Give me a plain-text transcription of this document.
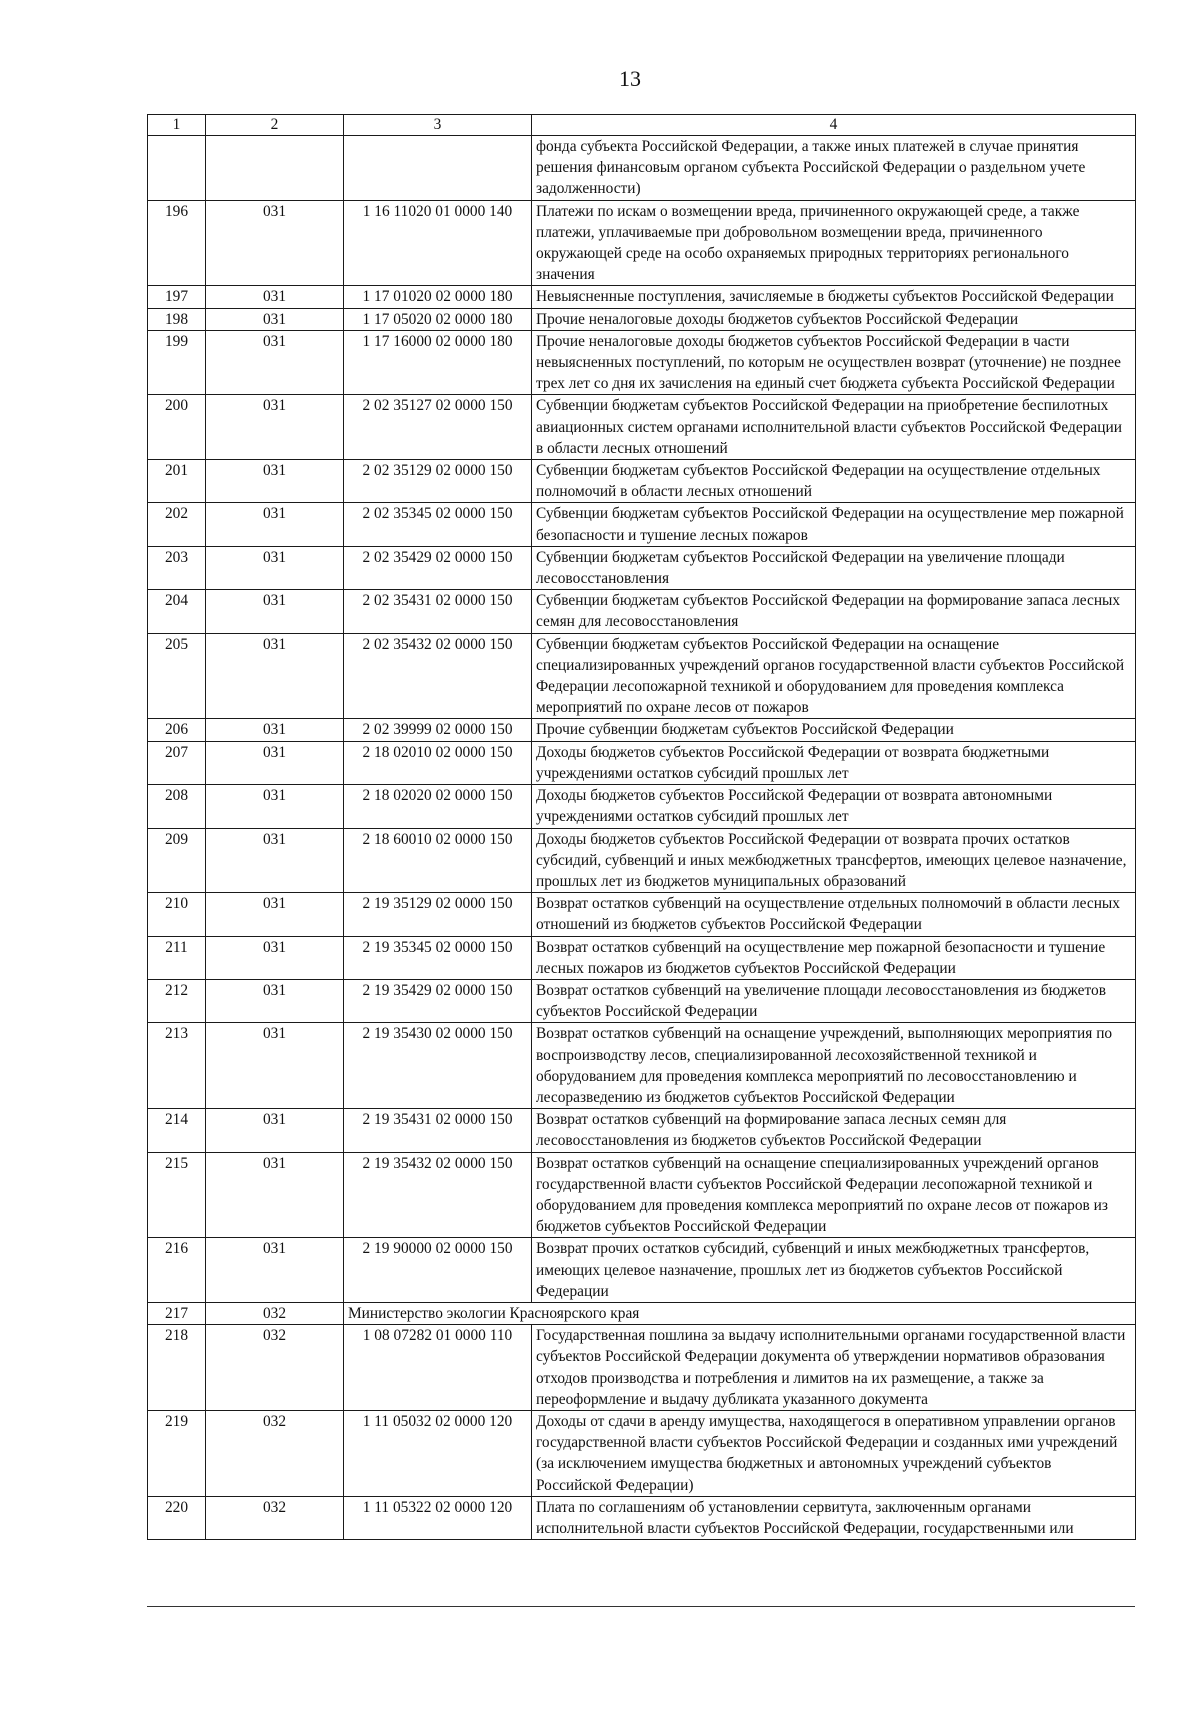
13
1	2	3	4
			фонда субъекта Российской Федерации, а также иных платежей в случае принятия решения финансовым органом субъекта Российской Федерации о раздельном учете задолженности)
196	031	1 16 11020 01 0000 140	Платежи по искам о возмещении вреда, причиненного окружающей среде, а также платежи, уплачиваемые при добровольном возмещении вреда, причиненного окружающей среде на особо охраняемых природных территориях регионального значения
197	031	1 17 01020 02 0000 180	Невыясненные поступления, зачисляемые в бюджеты субъектов Российской Федерации
198	031	1 17 05020 02 0000 180	Прочие неналоговые доходы бюджетов субъектов Российской Федерации
199	031	1 17 16000 02 0000 180	Прочие неналоговые доходы бюджетов субъектов Российской Федерации в части невыясненных поступлений, по которым не осуществлен возврат (уточнение) не позднее трех лет со дня их зачисления на единый счет бюджета субъекта Российской Федерации
200	031	2 02 35127 02 0000 150	Субвенции бюджетам субъектов Российской Федерации на приобретение беспилотных авиационных систем органами исполнительной власти субъектов Российской Федерации в области лесных отношений
201	031	2 02 35129 02 0000 150	Субвенции бюджетам субъектов Российской Федерации на осуществление отдельных полномочий в области лесных отношений
202	031	2 02 35345 02 0000 150	Субвенции бюджетам субъектов Российской Федерации на осуществление мер пожарной безопасности и тушение лесных пожаров
203	031	2 02 35429 02 0000 150	Субвенции бюджетам субъектов Российской Федерации на увеличение площади лесовосстановления
204	031	2 02 35431 02 0000 150	Субвенции бюджетам субъектов Российской Федерации на формирование запаса лесных семян для лесовосстановления
205	031	2 02 35432 02 0000 150	Субвенции бюджетам субъектов Российской Федерации на оснащение специализированных учреждений органов государственной власти субъектов Российской Федерации лесопожарной техникой и оборудованием для проведения комплекса мероприятий по охране лесов от пожаров
206	031	2 02 39999 02 0000 150	Прочие субвенции бюджетам субъектов Российской Федерации
207	031	2 18 02010 02 0000 150	Доходы бюджетов субъектов Российской Федерации от возврата бюджетными учреждениями остатков субсидий прошлых лет
208	031	2 18 02020 02 0000 150	Доходы бюджетов субъектов Российской Федерации от возврата автономными учреждениями остатков субсидий прошлых лет
209	031	2 18 60010 02 0000 150	Доходы бюджетов субъектов Российской Федерации от возврата прочих остатков субсидий, субвенций и иных межбюджетных трансфертов, имеющих целевое назначение, прошлых лет из бюджетов муниципальных образований
210	031	2 19 35129 02 0000 150	Возврат остатков субвенций на осуществление отдельных полномочий в области лесных отношений из бюджетов субъектов Российской Федерации
211	031	2 19 35345 02 0000 150	Возврат остатков субвенций на осуществление мер пожарной безопасности и тушение лесных пожаров из бюджетов субъектов Российской Федерации
212	031	2 19 35429 02 0000 150	Возврат остатков субвенций на увеличение площади лесовосстановления из бюджетов субъектов Российской Федерации
213	031	2 19 35430 02 0000 150	Возврат остатков субвенций на оснащение учреждений, выполняющих мероприятия по воспроизводству лесов, специализированной лесохозяйственной техникой и оборудованием для проведения комплекса мероприятий по лесовосстановлению и лесоразведению из бюджетов субъектов Российской Федерации
214	031	2 19 35431 02 0000 150	Возврат остатков субвенций на формирование запаса лесных семян для лесовосстановления из бюджетов субъектов Российской Федерации
215	031	2 19 35432 02 0000 150	Возврат остатков субвенций на оснащение специализированных учреждений органов государственной власти субъектов Российской Федерации лесопожарной техникой и оборудованием для проведения комплекса мероприятий по охране лесов от пожаров из бюджетов субъектов Российской Федерации
216	031	2 19 90000 02 0000 150	Возврат прочих остатков субсидий, субвенций и иных межбюджетных трансфертов, имеющих целевое назначение, прошлых лет из бюджетов субъектов Российской Федерации
217	032	Министерство экологии Красноярского края	
218	032	1 08 07282 01 0000 110	Государственная пошлина за выдачу исполнительными органами государственной власти субъектов Российской Федерации документа об утверждении нормативов образования отходов производства и потребления и лимитов на их размещение, а также за переоформление и выдачу дубликата указанного документа
219	032	1 11 05032 02 0000 120	Доходы от сдачи в аренду имущества, находящегося в оперативном управлении органов государственной власти субъектов Российской Федерации и созданных ими учреждений (за исключением имущества бюджетных и автономных учреждений субъектов Российской Федерации)
220	032	1 11 05322 02 0000 120	Плата по соглашениям об установлении сервитута, заключенным органами исполнительной власти субъектов Российской Федерации, государственными или
